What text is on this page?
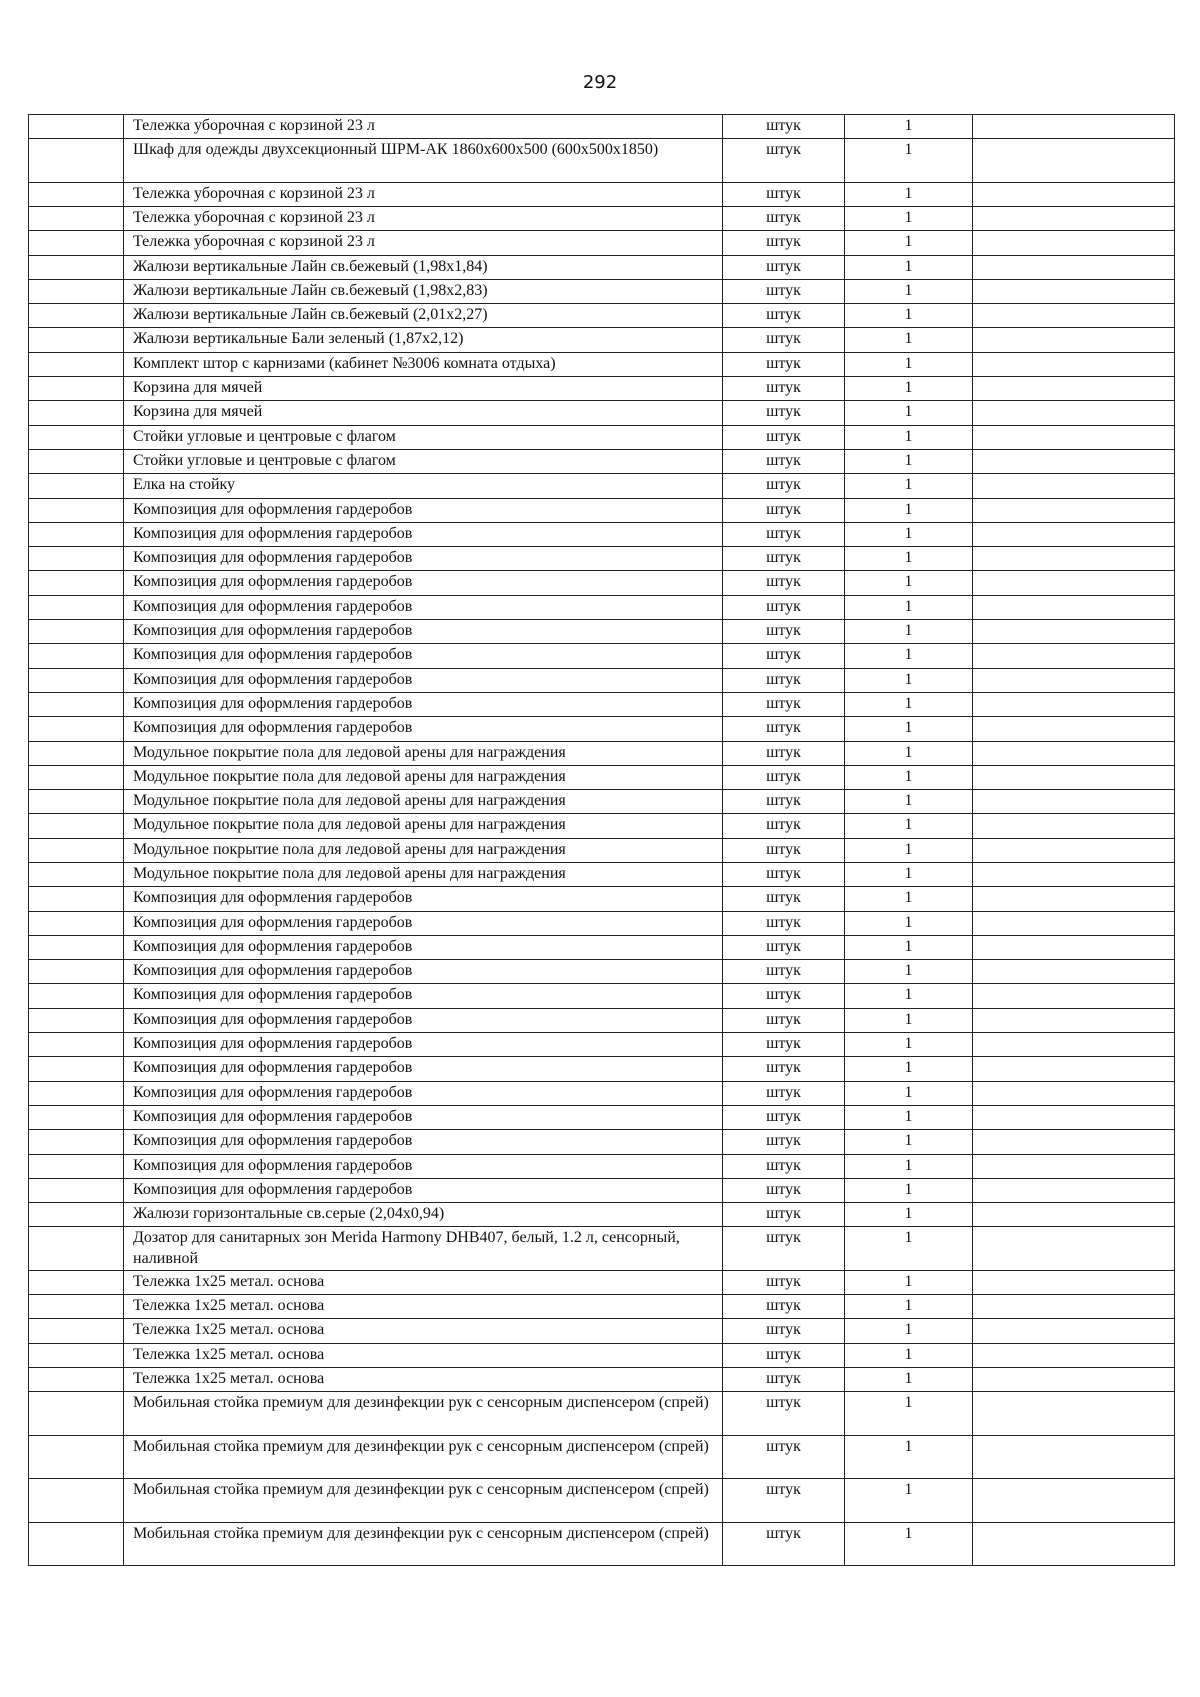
292
	Тележка уборочная с корзиной 23 л	штук	1	
	Шкаф для одежды двухсекционный ШРМ-АК 1860х600х500 (600х500х1850)	штук	1	
	Тележка уборочная с корзиной 23 л	штук	1	
	Тележка уборочная с корзиной 23 л	штук	1	
	Тележка уборочная с корзиной 23 л	штук	1	
	Жалюзи вертикальные Лайн св.бежевый (1,98х1,84)	штук	1	
	Жалюзи вертикальные Лайн св.бежевый (1,98х2,83)	штук	1	
	Жалюзи вертикальные Лайн св.бежевый (2,01х2,27)	штук	1	
	Жалюзи вертикальные Бали зеленый (1,87х2,12)	штук	1	
	Комплект штор с карнизами (кабинет №3006 комната отдыха)	штук	1	
	Корзина для мячей	штук	1	
	Корзина для мячей	штук	1	
	Стойки угловые и центровые с флагом	штук	1	
	Стойки угловые и центровые с флагом	штук	1	
	Елка на стойку	штук	1	
	Композиция для оформления гардеробов	штук	1	
	Композиция для оформления гардеробов	штук	1	
	Композиция для оформления гардеробов	штук	1	
	Композиция для оформления гардеробов	штук	1	
	Композиция для оформления гардеробов	штук	1	
	Композиция для оформления гардеробов	штук	1	
	Композиция для оформления гардеробов	штук	1	
	Композиция для оформления гардеробов	штук	1	
	Композиция для оформления гардеробов	штук	1	
	Композиция для оформления гардеробов	штук	1	
	Модульное покрытие пола для ледовой арены для награждения	штук	1	
	Модульное покрытие пола для ледовой арены для награждения	штук	1	
	Модульное покрытие пола для ледовой арены для награждения	штук	1	
	Модульное покрытие пола для ледовой арены для награждения	штук	1	
	Модульное покрытие пола для ледовой арены для награждения	штук	1	
	Модульное покрытие пола для ледовой арены для награждения	штук	1	
	Композиция для оформления гардеробов	штук	1	
	Композиция для оформления гардеробов	штук	1	
	Композиция для оформления гардеробов	штук	1	
	Композиция для оформления гардеробов	штук	1	
	Композиция для оформления гардеробов	штук	1	
	Композиция для оформления гардеробов	штук	1	
	Композиция для оформления гардеробов	штук	1	
	Композиция для оформления гардеробов	штук	1	
	Композиция для оформления гардеробов	штук	1	
	Композиция для оформления гардеробов	штук	1	
	Композиция для оформления гардеробов	штук	1	
	Композиция для оформления гардеробов	штук	1	
	Композиция для оформления гардеробов	штук	1	
	Жалюзи горизонтальные св.серые (2,04х0,94)	штук	1	
	Дозатор для санитарных зон Merida Harmony DHB407, белый, 1.2 л, сенсорный, наливной	штук	1	
	Тележка 1х25 метал. основа	штук	1	
	Тележка 1х25 метал. основа	штук	1	
	Тележка 1х25 метал. основа	штук	1	
	Тележка 1х25 метал. основа	штук	1	
	Тележка 1х25 метал. основа	штук	1	
	Мобильная стойка премиум для дезинфекции рук с сенсорным диспенсером (спрей)	штук	1	
	Мобильная стойка премиум для дезинфекции рук с сенсорным диспенсером (спрей)	штук	1	
	Мобильная стойка премиум для дезинфекции рук с сенсорным диспенсером (спрей)	штук	1	
	Мобильная стойка премиум для дезинфекции рук с сенсорным диспенсером (спрей)	штук	1	
